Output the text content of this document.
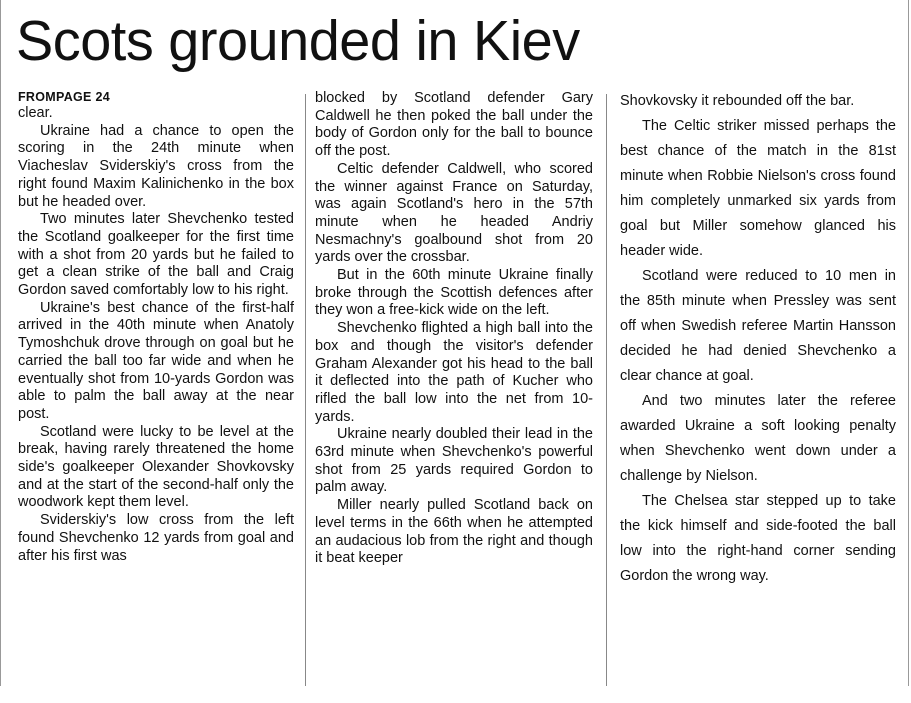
Scots grounded in Kiev
FROMPAGE 24

clear.

Ukraine had a chance to open the scoring in the 24th minute when Viacheslav Sviderskiy's cross from the right found Maxim Kalinichenko in the box but he headed over.

Two minutes later Shevchenko tested the Scotland goalkeeper for the first time with a shot from 20 yards but he failed to get a clean strike of the ball and Craig Gordon saved comfortably low to his right.

Ukraine's best chance of the first-half arrived in the 40th minute when Anatoly Tymoshchuk drove through on goal but he carried the ball too far wide and when he eventually shot from 10-yards Gordon was able to palm the ball away at the near post.

Scotland were lucky to be level at the break, having rarely threatened the home side's goalkeeper Olexander Shovkovsky and at the start of the second-half only the woodwork kept them level.

Sviderskiy's low cross from the left found Shevchenko 12 yards from goal and after his first was

blocked by Scotland defender Gary Caldwell he then poked the ball under the body of Gordon only for the ball to bounce off the post.

Celtic defender Caldwell, who scored the winner against France on Saturday, was again Scotland's hero in the 57th minute when he headed Andriy Nesmachny's goalbound shot from 20 yards over the crossbar.

But in the 60th minute Ukraine finally broke through the Scottish defences after they won a free-kick wide on the left.

Shevchenko flighted a high ball into the box and though the visitor's defender Graham Alexander got his head to the ball it deflected into the path of Kucher who rifled the ball low into the net from 10-yards.

Ukraine nearly doubled their lead in the 63rd minute when Shevchenko's powerful shot from 25 yards required Gordon to palm away.

Miller nearly pulled Scotland back on level terms in the 66th when he attempted an audacious lob from the right and though it beat keeper

Shovkovsky it rebounded off the bar.

The Celtic striker missed perhaps the best chance of the match in the 81st minute when Robbie Nielson's cross found him completely unmarked six yards from goal but Miller somehow glanced his header wide.

Scotland were reduced to 10 men in the 85th minute when Pressley was sent off when Swedish referee Martin Hansson decided he had denied Shevchenko a clear chance at goal.

And two minutes later the referee awarded Ukraine a soft looking penalty when Shevchenko went down under a challenge by Nielson.

The Chelsea star stepped up to take the kick himself and side-footed the ball low into the right-hand corner sending Gordon the wrong way.
